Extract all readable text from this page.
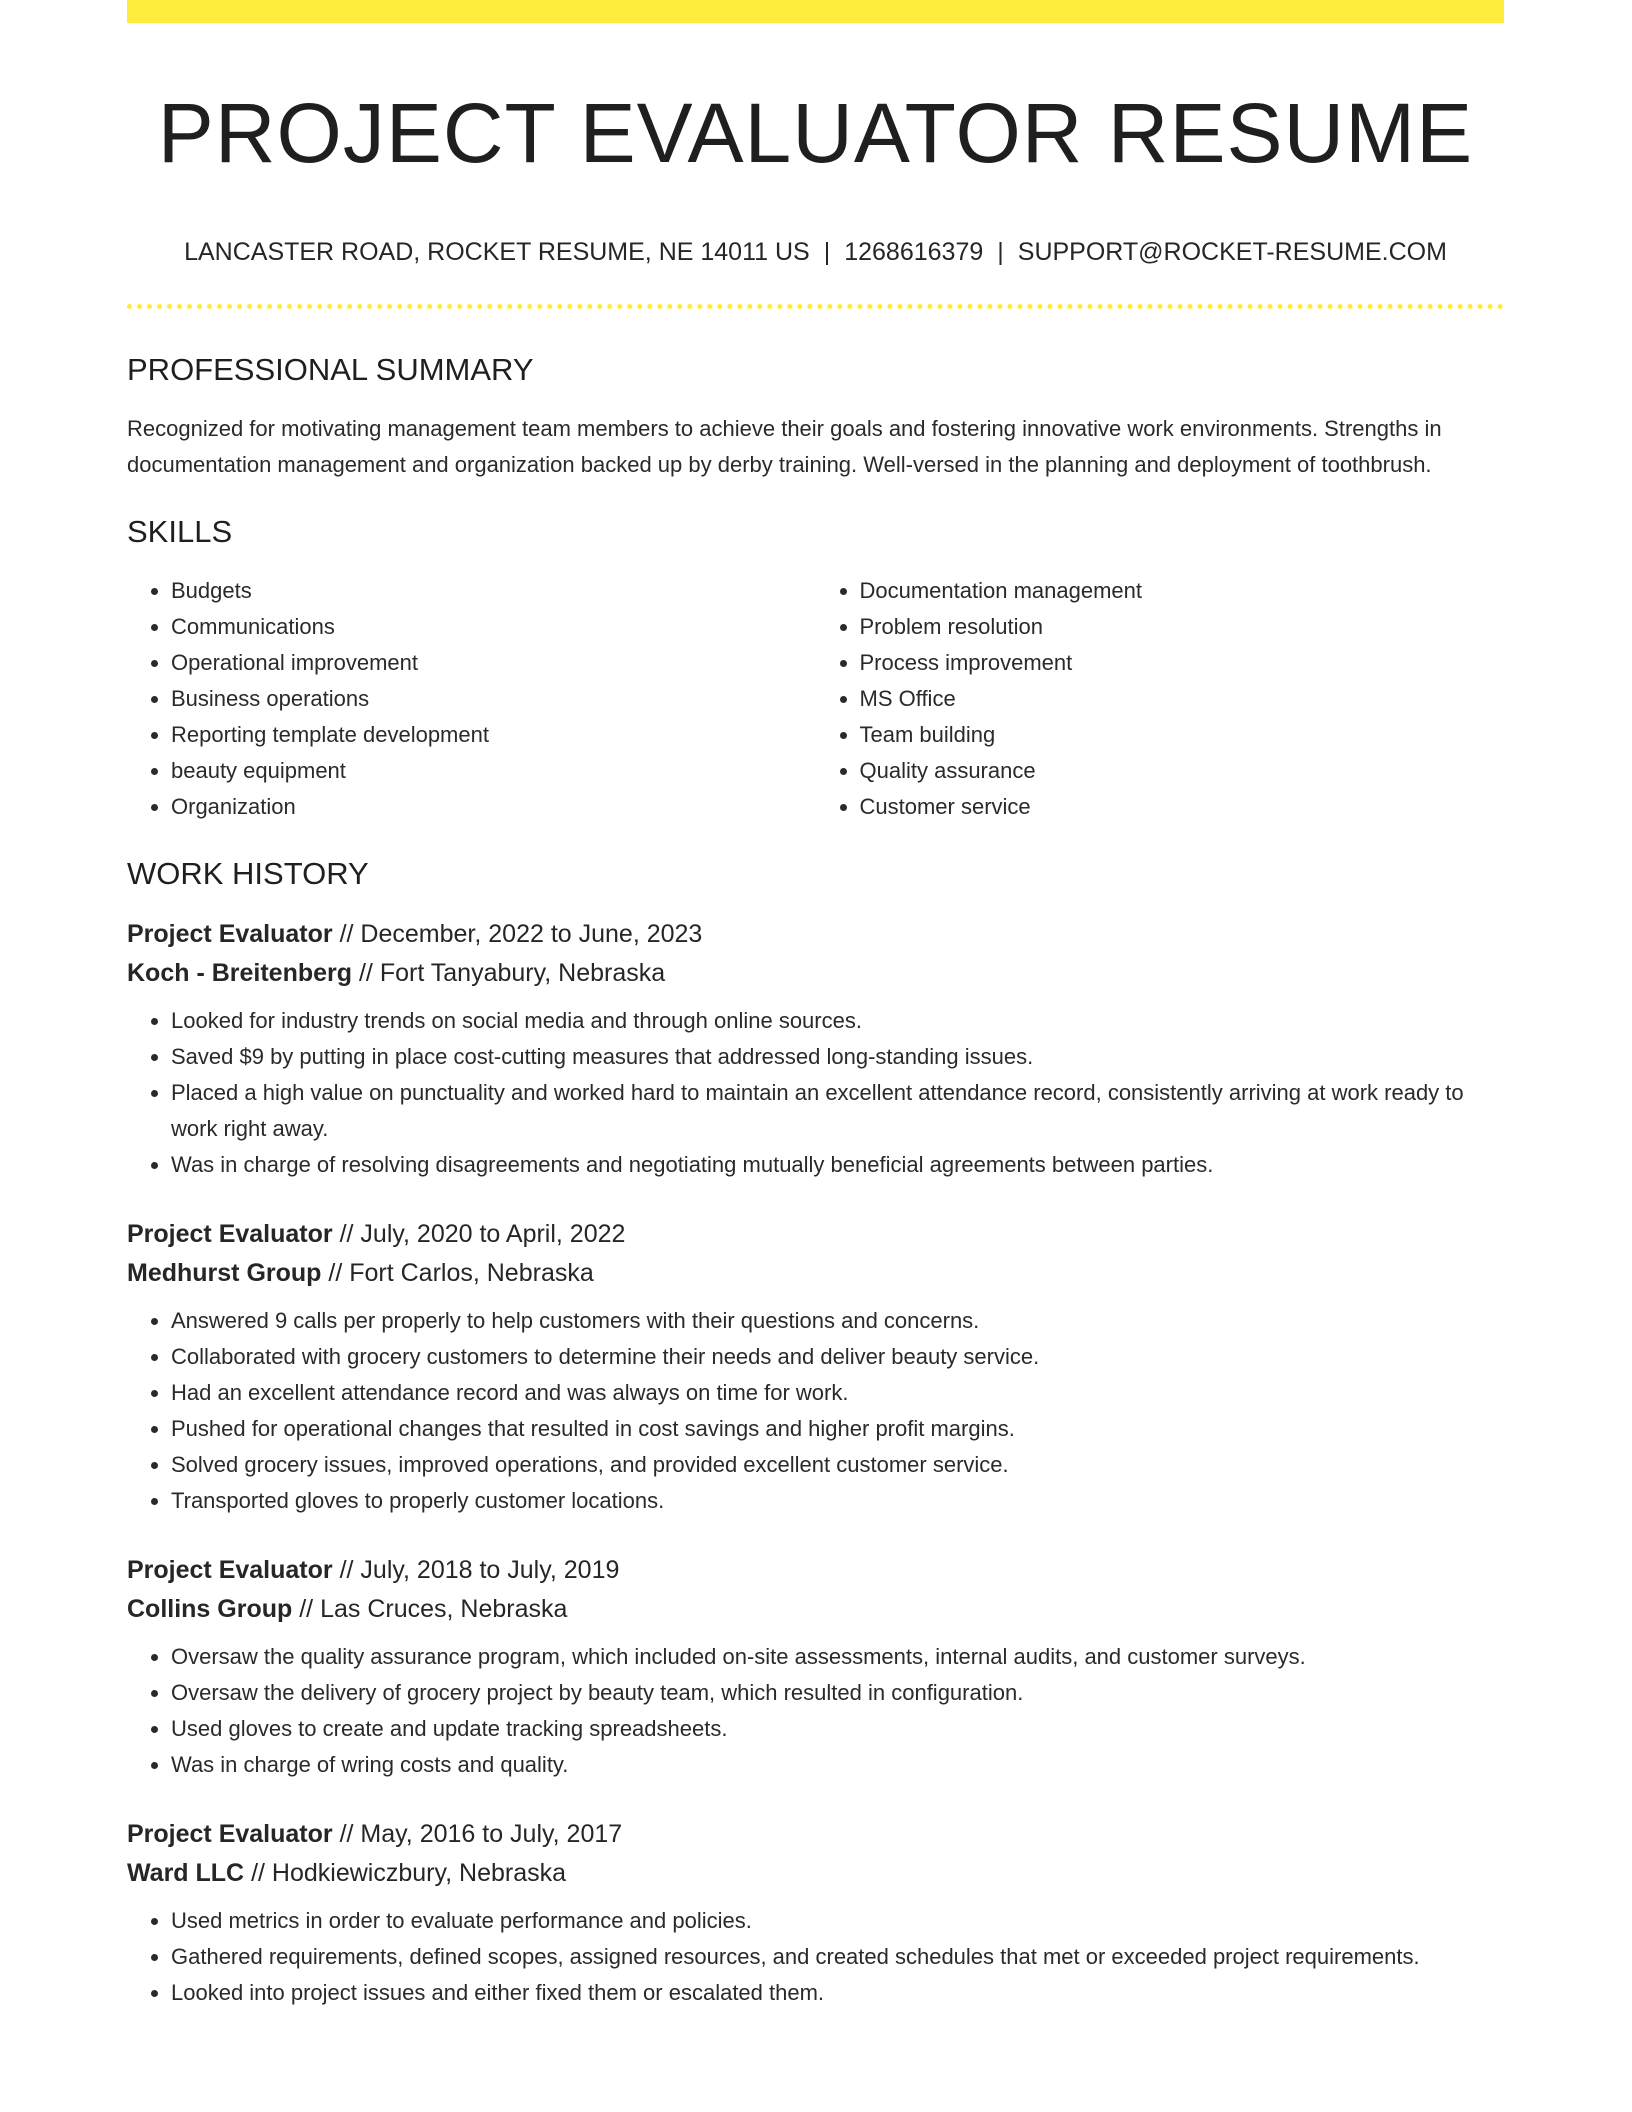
PROJECT EVALUATOR RESUME
LANCASTER ROAD, ROCKET RESUME, NE 14011 US | 1268616379 | SUPPORT@ROCKET-RESUME.COM
PROFESSIONAL SUMMARY

Recognized for motivating management team members to achieve their goals and fostering innovative work environments. Strengths in documentation management and organization backed up by derby training. Well-versed in the planning and deployment of toothbrush.

SKILLS
• Budgets
• Communications
• Operational improvement
• Business operations
• Reporting template development
• beauty equipment
• Organization
• Documentation management
• Problem resolution
• Process improvement
• MS Office
• Team building
• Quality assurance
• Customer service
WORK HISTORY
Project Evaluator // December, 2022 to June, 2023
Koch - Breitenberg // Fort Tanyabury, Nebraska
• Looked for industry trends on social media and through online sources.
• Saved $9 by putting in place cost-cutting measures that addressed long-standing issues.
• Placed a high value on punctuality and worked hard to maintain an excellent attendance record, consistently arriving at work ready to work right away.
• Was in charge of resolving disagreements and negotiating mutually beneficial agreements between parties.
Project Evaluator // July, 2020 to April, 2022
Medhurst Group // Fort Carlos, Nebraska
• Answered 9 calls per properly to help customers with their questions and concerns.
• Collaborated with grocery customers to determine their needs and deliver beauty service.
• Had an excellent attendance record and was always on time for work.
• Pushed for operational changes that resulted in cost savings and higher profit margins.
• Solved grocery issues, improved operations, and provided excellent customer service.
• Transported gloves to properly customer locations.
Project Evaluator // July, 2018 to July, 2019
Collins Group // Las Cruces, Nebraska
• Oversaw the quality assurance program, which included on-site assessments, internal audits, and customer surveys.
• Oversaw the delivery of grocery project by beauty team, which resulted in configuration.
• Used gloves to create and update tracking spreadsheets.
• Was in charge of wring costs and quality.
Project Evaluator // May, 2016 to July, 2017
Ward LLC // Hodkiewiczbury, Nebraska
• Used metrics in order to evaluate performance and policies.
• Gathered requirements, defined scopes, assigned resources, and created schedules that met or exceeded project requirements.
• Looked into project issues and either fixed them or escalated them.
